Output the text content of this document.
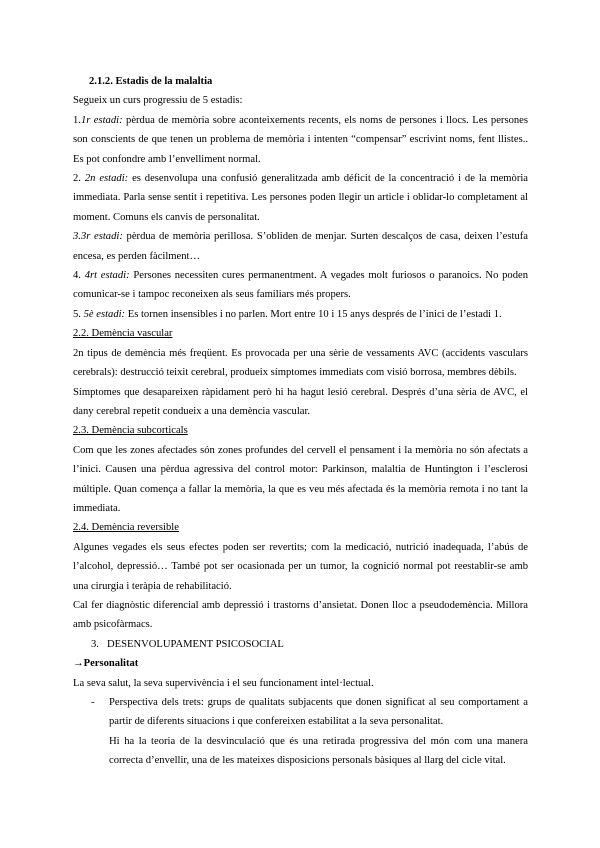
2.1.2. Estadis de la malaltia

Segueix un curs progressiu de 5 estadis:

1.1r estadi: pèrdua de memòria sobre aconteixements recents, els noms de persones i llocs. Les persones son conscients de que tenen un problema de memòria i intenten “compensar” escrivint noms, fent llistes.. Es pot confondre amb l’envelliment normal.

2. 2n estadi: es desenvolupa una confusió generalitzada amb déficit de la concentració i de la memòria immediata. Parla sense sentit i repetitiva. Les persones poden llegir un article i oblidar-lo completament al moment. Comuns els canvis de personalitat.

3.3r estadi: pèrdua de memòria perillosa. S’obliden de menjar. Surten descalços de casa, deixen l’estufa encesa, es perden fàcilment…

4. 4rt estadi: Persones necessiten cures permanentment. A vegades molt furiosos o paranoics. No poden comunicar-se i tampoc reconeixen als seus familiars més propers.

5. 5è estadi: Es tornen insensibles i no parlen. Mort entre 10 i 15 anys després de l’inici de l’estadi 1.

2.2. Demència vascular

2n tipus de demència més freqüent. Es provocada per una sèrie de vessaments AVC (accidents vasculars cerebrals): destrucció teixit cerebral, produeix símptomes immediats com visió borrosa, membres dèbils.

Símptomes que desapareixen ràpidament però hi ha hagut lesió cerebral. Després d’una sèria de AVC, el dany cerebral repetit condueix a una demència vascular.

2.3. Demència subcorticals

Com que les zones afectades són zones profundes del cervell el pensament i la memòria no són afectats a l’inici. Causen una pèrdua agressiva del control motor: Parkinson, malaltia de Huntington i l’esclerosi múltiple. Quan comença a fallar la memòria, la que es veu més afectada és la memòria remota i no tant la immediata.

2.4. Demència reversible

Algunes vegades els seus efectes poden ser revertits; com la medicació, nutrició inadequada, l’abús de l’alcohol, depressió… També pot ser ocasionada per un tumor, la cognició normal pot reestablir-se amb una cirurgia i teràpia de rehabilitació.

Cal fer diagnòstic diferencial amb depressió i trastorns d’ansietat. Donen lloc a pseudodemència. Millora amb psicofàrmacs.

3. DESENVOLUPAMENT PSICOSOCIAL

→Personalitat

La seva salut, la seva supervivència i el seu funcionament intel·lectual.

- Perspectiva dels trets: grups de qualitats subjacents que donen significat al seu comportament a partir de diferents situacions i que confereixen estabilitat a la seva personalitat.

Hi ha la teoria de la desvinculació que és una retirada progressiva del món com una manera correcta d’envellir, una de les mateixes disposicions personals bàsiques al llarg del cicle vital.
